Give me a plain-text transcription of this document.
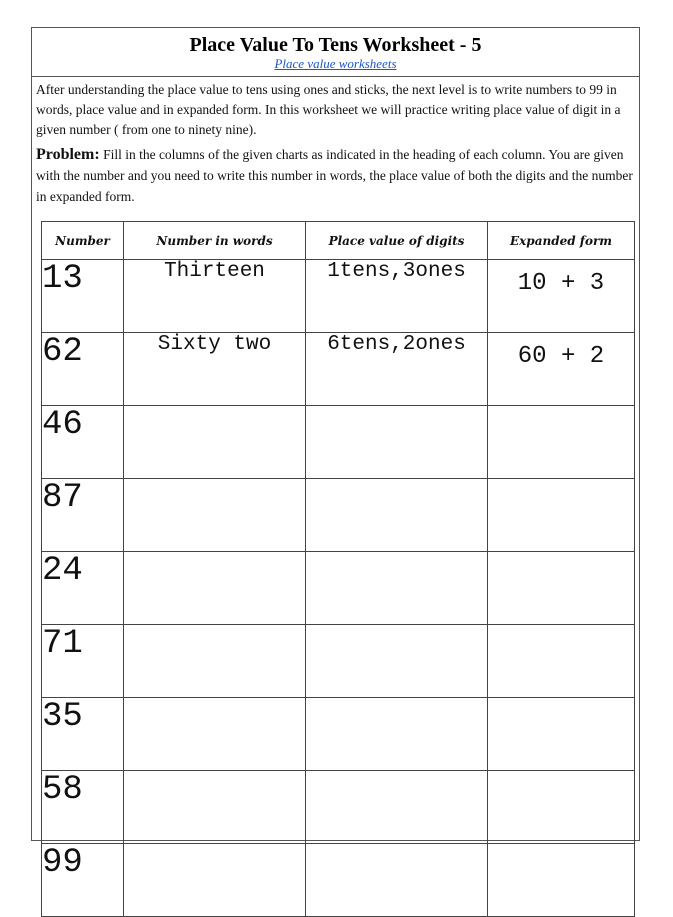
Place Value To Tens Worksheet - 5
Place value worksheets

After understanding the place value to tens using ones and sticks, the next level is to write numbers to 99 in words, place value and in expanded form. In this worksheet we will practice writing place value of digit in a given number ( from one to ninety nine).

Problem: Fill in the columns of the given charts as indicated in the heading of each column. You are given with the number and you need to write this number in words, the place value of both the digits and the number in expanded form.

Number	Number in words	Place value of digits	Expanded form
13	Thirteen	1tens,3ones	10 + 3
62	Sixty two	6tens,2ones	60 + 2
46			
87			
24			
71			
35			
58			
99			
